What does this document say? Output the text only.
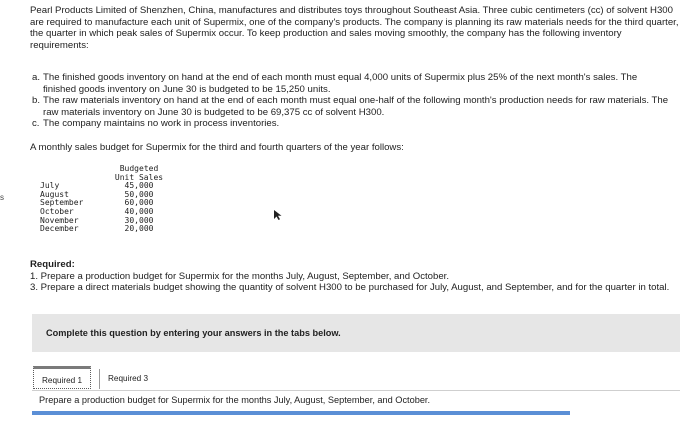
s
Pearl Products Limited of Shenzhen, China, manufactures and distributes toys throughout Southeast Asia. Three cubic centimeters (cc) of solvent H300 are required to manufacture each unit of Supermix, one of the company's products. The company is planning its raw materials needs for the third quarter, the quarter in which peak sales of Supermix occur. To keep production and sales moving smoothly, the company has the following inventory requirements:
a. The finished goods inventory on hand at the end of each month must equal 4,000 units of Supermix plus 25% of the next month's sales. The finished goods inventory on June 30 is budgeted to be 15,250 units.
b. The raw materials inventory on hand at the end of each month must equal one-half of the following month's production needs for raw materials. The raw materials inventory on June 30 is budgeted to be 69,375 cc of solvent H300.
c. The company maintains no work in process inventories.
A monthly sales budget for Supermix for the third and fourth quarters of the year follows:
	Budgeted
	Unit Sales
July	45,000
August	50,000
September	60,000
October	40,000
November	30,000
December	20,000
Required:
1. Prepare a production budget for Supermix for the months July, August, September, and October.
3. Prepare a direct materials budget showing the quantity of solvent H300 to be purchased for July, August, and September, and for the quarter in total.
Complete this question by entering your answers in the tabs below.
Required 1	Required 3
Prepare a production budget for Supermix for the months July, August, September, and October.
